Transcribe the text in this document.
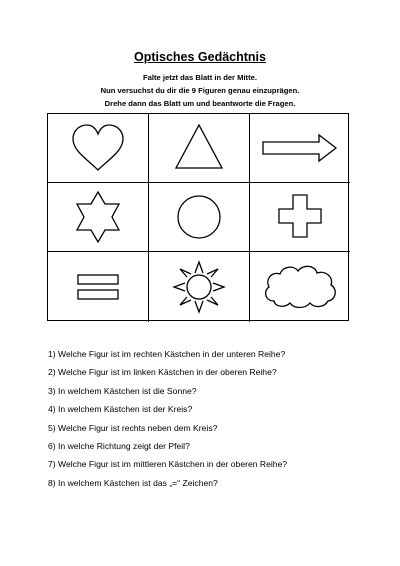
Optisches Gedächtnis
Falte jetzt das Blatt in der Mitte.
Nun versuchst du dir die 9 Figuren genau einzuprägen.
Drehe dann das Blatt um und beantworte die Fragen.
1) Welche Figur ist im rechten Kästchen in der unteren Reihe?
2) Welche Figur ist im linken Kästchen in der oberen Reihe?
3) In welchem Kästchen ist die Sonne?
4) In welchem Kästchen ist der Kreis?
5) Welche Figur ist rechts neben dem Kreis?
6) In welche Richtung zeigt der Pfeil?
7) Welche Figur ist im mittleren Kästchen in der oberen Reihe?
8) In welchem Kästchen ist das „=“ Zeichen?
